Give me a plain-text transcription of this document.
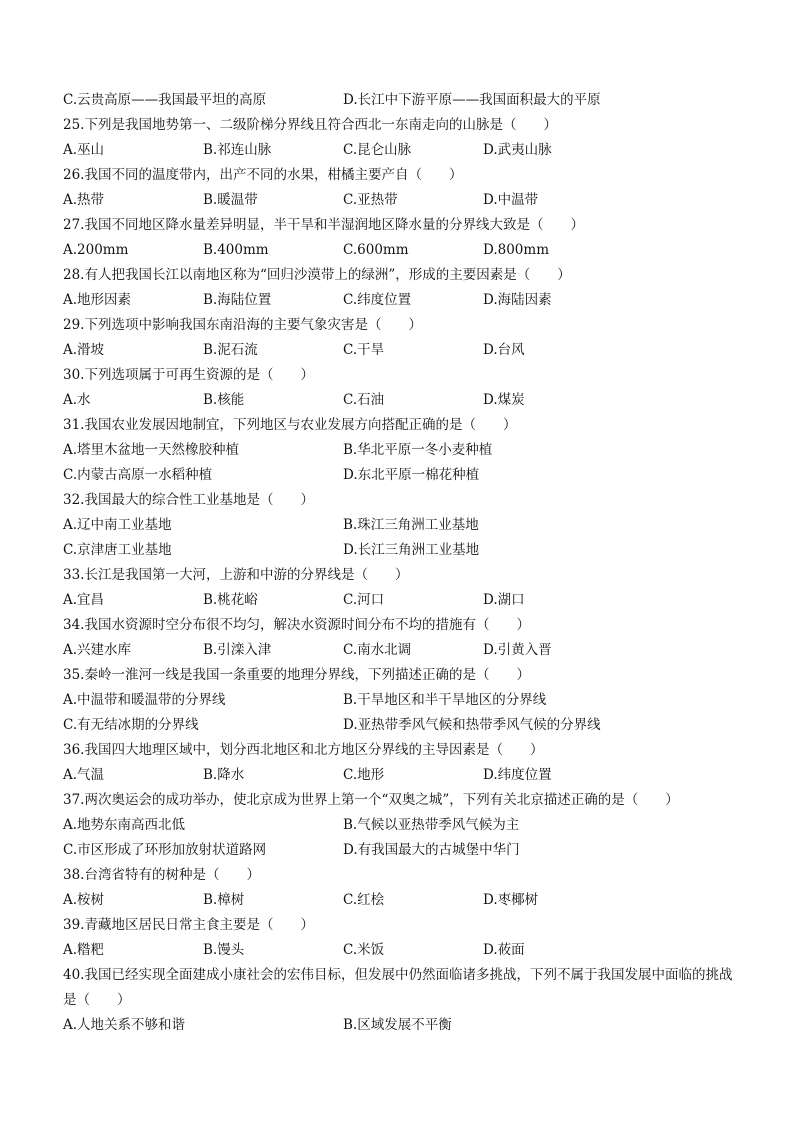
C.云贵高原——我国最平坦的高原	D.长江中下游平原——我国面积最大的平原
25.下列是我国地势第一、二级阶梯分界线且符合西北一东南走向的山脉是（　　）
A.巫山	B.祁连山脉	C.昆仑山脉	D.武夷山脉
26.我国不同的温度带内，出产不同的水果，柑橘主要产自（　　）
A.热带	B.暖温带	C.亚热带	D.中温带
27.我国不同地区降水量差异明显，半干旱和半湿润地区降水量的分界线大致是（　　）
A.200mm	B.400mm	C.600mm	D.800mm
28.有人把我国长江以南地区称为“回归沙漠带上的绿洲”，形成的主要因素是（　　）
A.地形因素	B.海陆位置	C.纬度位置	D.海陆因素
29.下列选项中影响我国东南沿海的主要气象灾害是（　　）
A.滑坡	B.泥石流	C.干旱	D.台风
30.下列选项属于可再生资源的是（　　）
A.水	B.核能	C.石油	D.煤炭
31.我国农业发展因地制宜，下列地区与农业发展方向搭配正确的是（　　）
A.塔里木盆地一天然橡胶种植	B.华北平原一冬小麦种植
C.内蒙古高原一水稻种植	D.东北平原一棉花种植
32.我国最大的综合性工业基地是（　　）
A.辽中南工业基地	B.珠江三角洲工业基地
C.京津唐工业基地	D.长江三角洲工业基地
33.长江是我国第一大河，上游和中游的分界线是（　　）
A.宜昌	B.桃花峪	C.河口	D.湖口
34.我国水资源时空分布很不均匀，解决水资源时间分布不均的措施有（　　）
A.兴建水库	B.引滦入津	C.南水北调	D.引黄入晋
35.秦岭一淮河一线是我国一条重要的地理分界线，下列描述正确的是（　　）
A.中温带和暖温带的分界线	B.干旱地区和半干旱地区的分界线
C.有无结冰期的分界线	D.亚热带季风气候和热带季风气候的分界线
36.我国四大地理区域中，划分西北地区和北方地区分界线的主导因素是（　　）
A.气温	B.降水	C.地形	D.纬度位置
37.两次奥运会的成功举办，使北京成为世界上第一个“双奥之城”，下列有关北京描述正确的是（　　）
A.地势东南高西北低	B.气候以亚热带季风气候为主
C.市区形成了环形加放射状道路网	D.有我国最大的古城堡中华门
38.台湾省特有的树种是（　　）
A.桉树	B.樟树	C.红桧	D.枣椰树
39.青藏地区居民日常主食主要是（　　）
A.糌粑	B.馒头	C.米饭	D.莜面
40.我国已经实现全面建成小康社会的宏伟目标，但发展中仍然面临诸多挑战，下列不属于我国发展中面临的挑战是（　　）
A.人地关系不够和谐	B.区域发展不平衡
